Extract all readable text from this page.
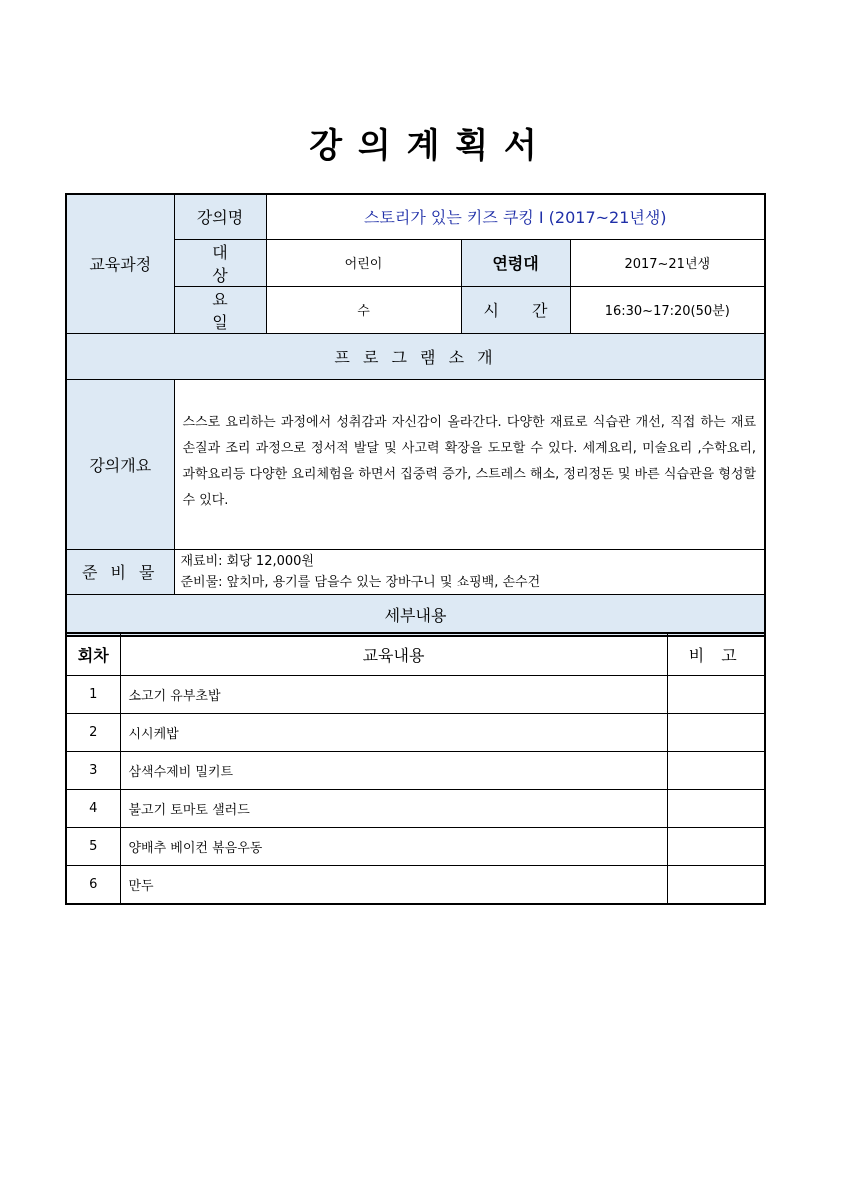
강 의 계 획 서
교육과정	강의명	스토리가 있는 키즈 쿠킹 I (2017~21년생)		
	대 상	어린이	연령대	2017~21년생
	요 일	수	시 간	16:30~17:20(50분)
프 로 그 램 소 개				
강의개요	스스로 요리하는 과정에서 성취감과 자신감이 올라간다. 다양한 재료로 식습관 개선, 직접 하는 재료 손질과 조리 과정으로 정서적 발달 및 사고력 확장을 도모할 수 있다. 세계요리, 미술요리 ,수학요리, 과학요리등 다양한 요리체험을 하면서 집중력 증가, 스트레스 해소, 정리정돈 및 바른 식습관을 형성할 수 있다.			
준 비 물	재료비: 회당 12,000원
준비물: 앞치마, 용기를 담을수 있는 장바구니 및 쇼핑백, 손수건			

세부내용				
회차	교육내용	비 고
1	소고기 유부초밥	
2	시시케밥	
3	삼색수제비 밀키트	
4	불고기 토마토 샐러드	
5	양배추 베이컨 볶음우동	
6	만두	
